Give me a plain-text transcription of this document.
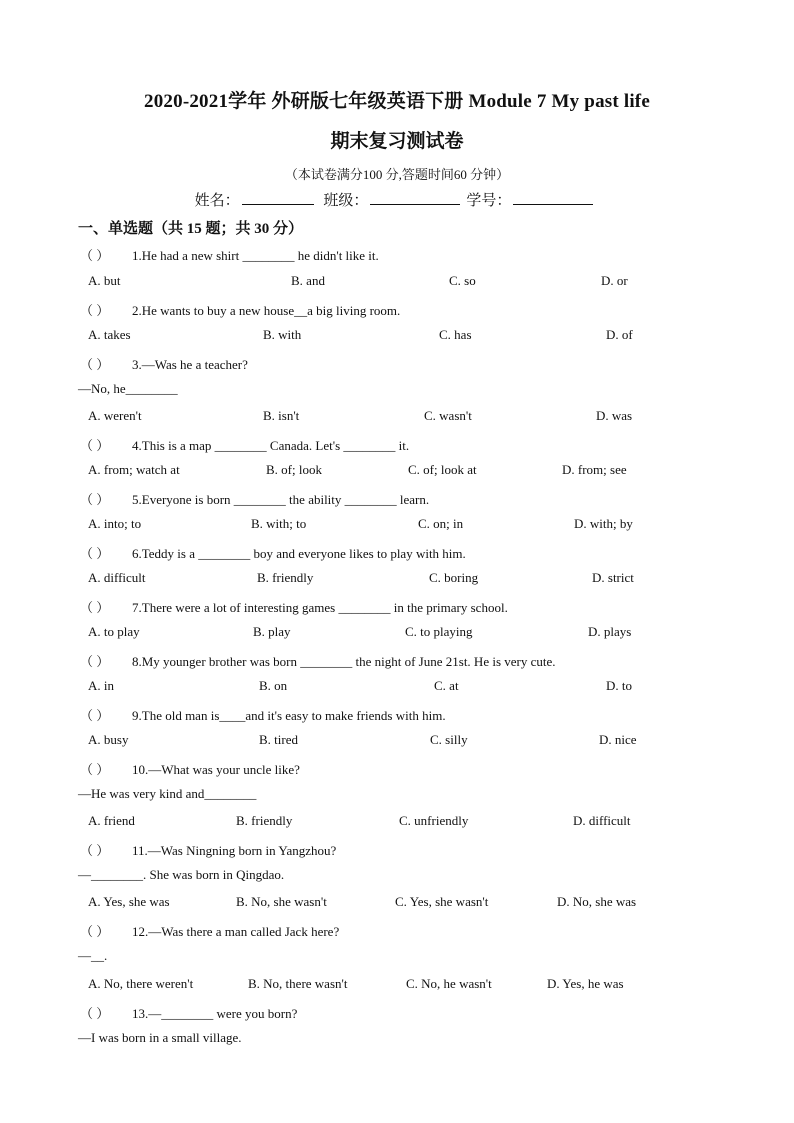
2020-2021学年 外研版七年级英语下册 Module 7 My past life
期末复习测试卷
（本试卷满分100 分,答题时间60 分钟）
姓名：	班级：	学号：
一、单选题（共 15 题；共 30 分）
（ ） 1.He had a new shirt ________ he didn't like it.
A. but	B. and	C. so	D. or
（ ） 2.He wants to buy a new house__a big living room.
A. takes	B. with	C. has	D. of
（ ） 3.—Was he a teacher?
—No, he________
A. weren't	B. isn't	C. wasn't	D. was
（ ） 4.This is a map ________ Canada. Let's ________ it.
A. from; watch at	B. of; look	C. of; look at	D. from; see
（ ） 5.Everyone is born ________ the ability ________ learn.
A. into; to	B. with; to	C. on; in	D. with; by
（ ） 6.Teddy is a ________ boy and everyone likes to play with him.
A. difficult	B. friendly	C. boring	D. strict
（ ） 7.There were a lot of interesting games ________ in the primary school.
A. to play	B. play	C. to playing	D. plays
（ ） 8.My younger brother was born ________ the night of June 21st. He is very cute.
A. in	B. on	C. at	D. to
（ ） 9.The old man is____and it's easy to make friends with him.
A. busy	B. tired	C. silly	D. nice
（ ） 10.—What was your uncle like?
—He was very kind and________
A. friend	B. friendly	C. unfriendly	D. difficult
（ ） 11.—Was Ningning born in Yangzhou?
—________. She was born in Qingdao.
A. Yes, she was	B. No, she wasn't	C. Yes, she wasn't	D. No, she was
（ ） 12.—Was there a man called Jack here?
—__.
A. No, there weren't	B. No, there wasn't	C. No, he wasn't	D. Yes, he was
（ ） 13.—________ were you born?
—I was born in a small village.
